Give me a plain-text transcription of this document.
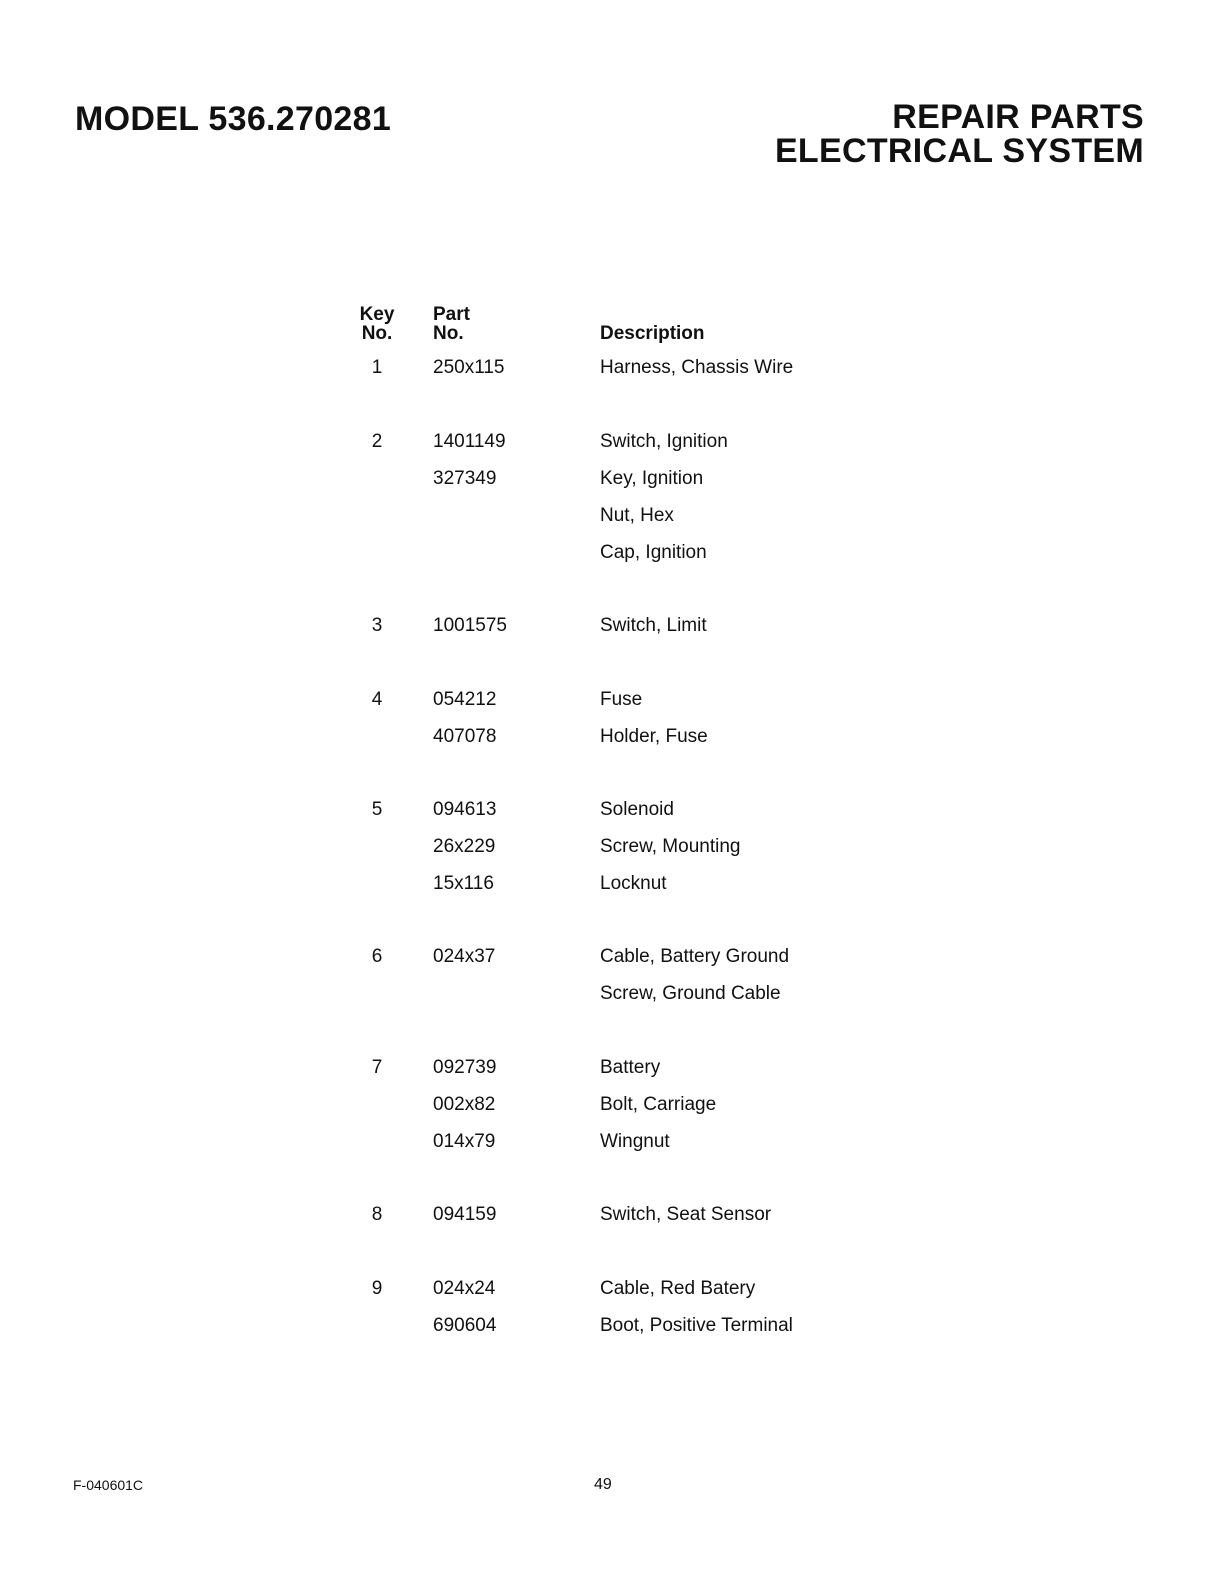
MODEL 536.270281	REPAIR PARTS
ELECTRICAL SYSTEM
Key
No.
Part
No.	Description
1	250x115	Harness, Chassis Wire
2	1401149	Switch, Ignition
327349	Key, Ignition
Nut, Hex
Cap, Ignition
3	1001575	Switch, Limit
4	054212	Fuse
407078	Holder, Fuse
5	094613	Solenoid
26x229	Screw, Mounting
15x116	Locknut
6	024x37	Cable, Battery Ground
Screw, Ground Cable
7	092739	Battery
002x82	Bolt, Carriage
014x79	Wingnut
8	094159	Switch, Seat Sensor
9	024x24	Cable, Red Batery
690604	Boot, Positive Terminal
F-040601C	49
